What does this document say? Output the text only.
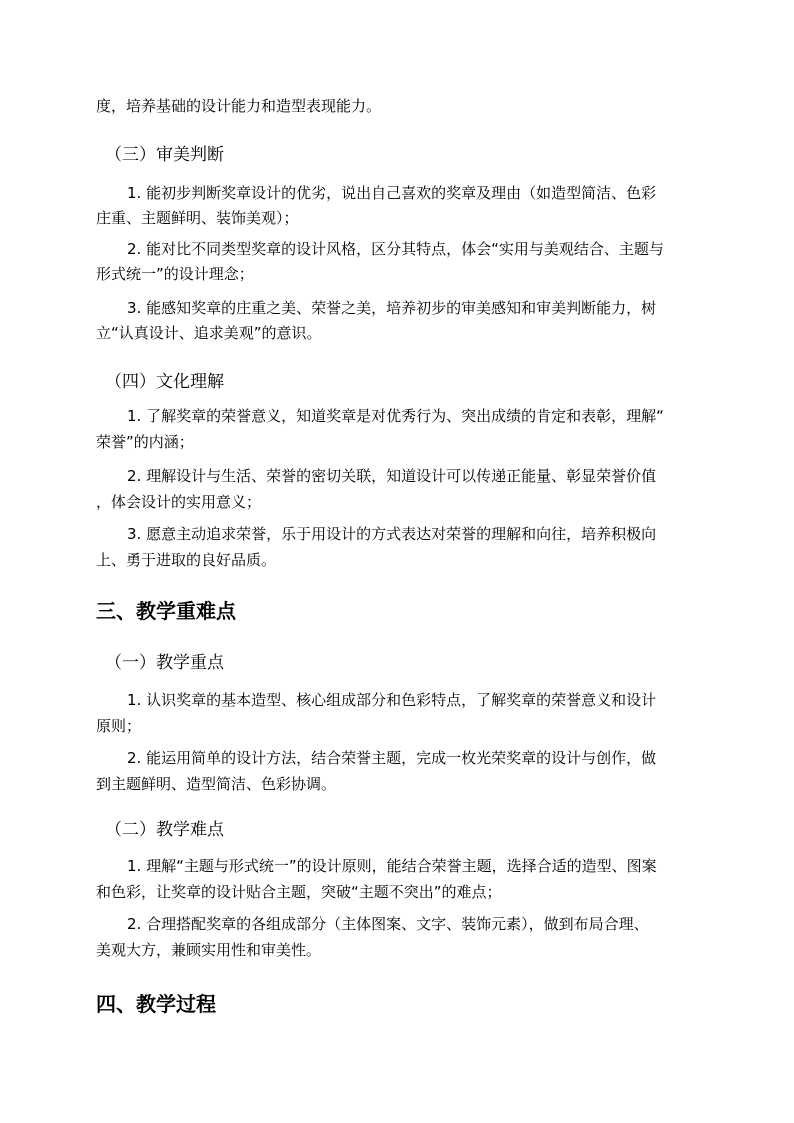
度，培养基础的设计能力和造型表现能力。
（三）审美判断
1. 能初步判断奖章设计的优劣，说出自己喜欢的奖章及理由（如造型简洁、色彩
庄重、主题鲜明、装饰美观）；
2. 能对比不同类型奖章的设计风格，区分其特点，体会“实用与美观结合、主题与
形式统一”的设计理念；
3. 能感知奖章的庄重之美、荣誉之美，培养初步的审美感知和审美判断能力，树
立“认真设计、追求美观”的意识。
（四）文化理解
1. 了解奖章的荣誉意义，知道奖章是对优秀行为、突出成绩的肯定和表彰，理解“
荣誉”的内涵；
2. 理解设计与生活、荣誉的密切关联，知道设计可以传递正能量、彰显荣誉价值
，体会设计的实用意义；
3. 愿意主动追求荣誉，乐于用设计的方式表达对荣誉的理解和向往，培养积极向
上、勇于进取的良好品质。
三、教学重难点
（一）教学重点
1. 认识奖章的基本造型、核心组成部分和色彩特点，了解奖章的荣誉意义和设计
原则；
2. 能运用简单的设计方法，结合荣誉主题，完成一枚光荣奖章的设计与创作，做
到主题鲜明、造型简洁、色彩协调。
（二）教学难点
1. 理解“主题与形式统一”的设计原则，能结合荣誉主题，选择合适的造型、图案
和色彩，让奖章的设计贴合主题，突破“主题不突出”的难点；
2. 合理搭配奖章的各组成部分（主体图案、文字、装饰元素），做到布局合理、
美观大方，兼顾实用性和审美性。
四、教学过程
